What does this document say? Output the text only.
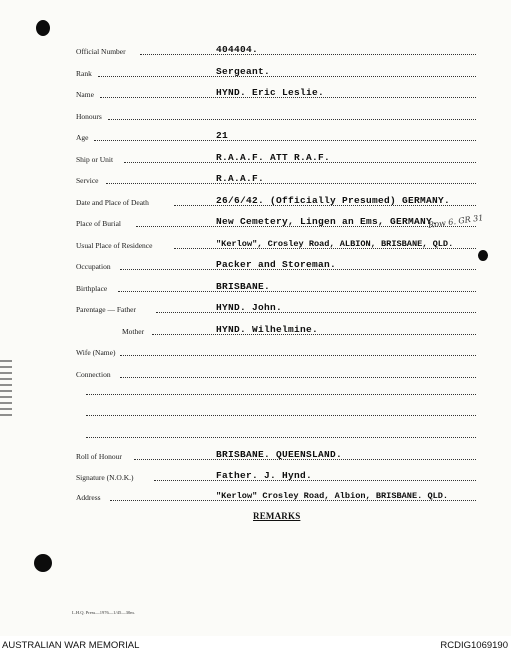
Official Number	404404.
Rank	Sergeant.
Name	HYND. Eric Leslie.
Honours
Age	21
Ship or Unit	R.A.A.F. ATT R.A.F.
Service	R.A.A.F.
Date and Place of Death	26/6/42. (Officially Presumed) GERMANY.
Place of Burial	New Cemetery, Lingen an Ems, GERMANY.
Usual Place of Residence	"Kerlow", Crosley Road, ALBION, BRISBANE, QLD.
Occupation	Packer and Storeman.
Birthplace	BRISBANE.
Parentage — Father	HYND. John.
Mother	HYND. Wilhelmine.
Wife (Name)
Connection
Roll of Honour	BRISBANE. QUEENSLAND.
Signature (N.O.K.)	Father. J. Hynd.
Address	"Kerlow" Crosley Road, Albion, BRISBANE. QLD.
Row 6. GR 31
REMARKS
L.H.Q. Press—1976—1/45—30m.
AUSTRALIAN WAR MEMORIAL	RCDIG1069190
